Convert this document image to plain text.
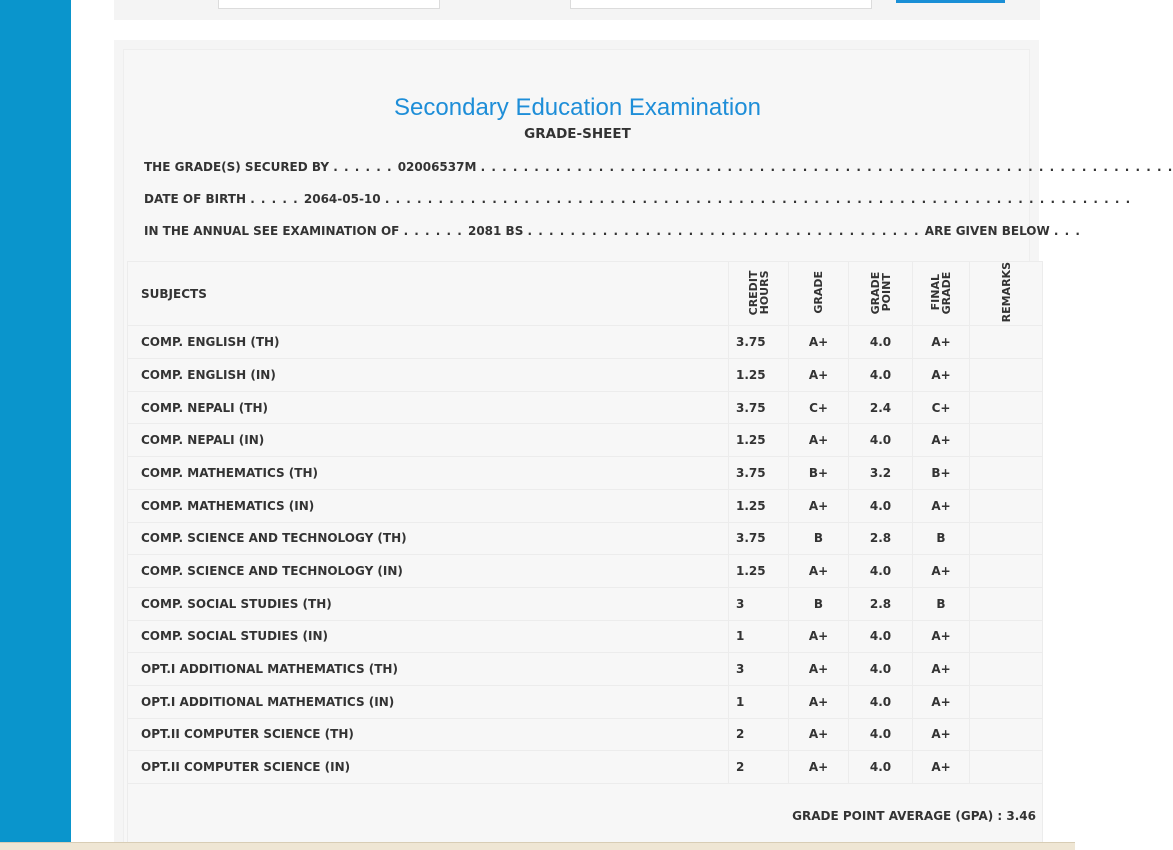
Secondary Education Examination
GRADE-SHEET
THE GRADE(S) SECURED BY . . . . . . 02006537M . . . . . . . . . . . . . . . . . . . . . . . . . . . . . . . . . . . . . . . . . . . . . . . . . . . . . . . . . . . . . . . . .
DATE OF BIRTH . . . . . 2064-05-10 . . . . . . . . . . . . . . . . . . . . . . . . . . . . . . . . . . . . . . . . . . . . . . . . . . . . . . . . . . . . . . . . . . . . . .
IN THE ANNUAL SEE EXAMINATION OF . . . . . . 2081 BS . . . . . . . . . . . . . . . . . . . . . . . . . . . . . . . . . . . . . ARE GIVEN BELOW . . .
SUBJECTS	CREDIT HOURS	GRADE	GRADE POINT	FINAL GRADE	REMARKS
COMP. ENGLISH (TH)	3.75	A+	4.0	A+	
COMP. ENGLISH (IN)	1.25	A+	4.0	A+	
COMP. NEPALI (TH)	3.75	C+	2.4	C+	
COMP. NEPALI (IN)	1.25	A+	4.0	A+	
COMP. MATHEMATICS (TH)	3.75	B+	3.2	B+	
COMP. MATHEMATICS (IN)	1.25	A+	4.0	A+	
COMP. SCIENCE AND TECHNOLOGY (TH)	3.75	B	2.8	B	
COMP. SCIENCE AND TECHNOLOGY (IN)	1.25	A+	4.0	A+	
COMP. SOCIAL STUDIES (TH)	3	B	2.8	B	
COMP. SOCIAL STUDIES (IN)	1	A+	4.0	A+	
OPT.I ADDITIONAL MATHEMATICS (TH)	3	A+	4.0	A+	
OPT.I ADDITIONAL MATHEMATICS (IN)	1	A+	4.0	A+	
OPT.II COMPUTER SCIENCE (TH)	2	A+	4.0	A+	
OPT.II COMPUTER SCIENCE (IN)	2	A+	4.0	A+	
GRADE POINT AVERAGE (GPA) : 3.46					
